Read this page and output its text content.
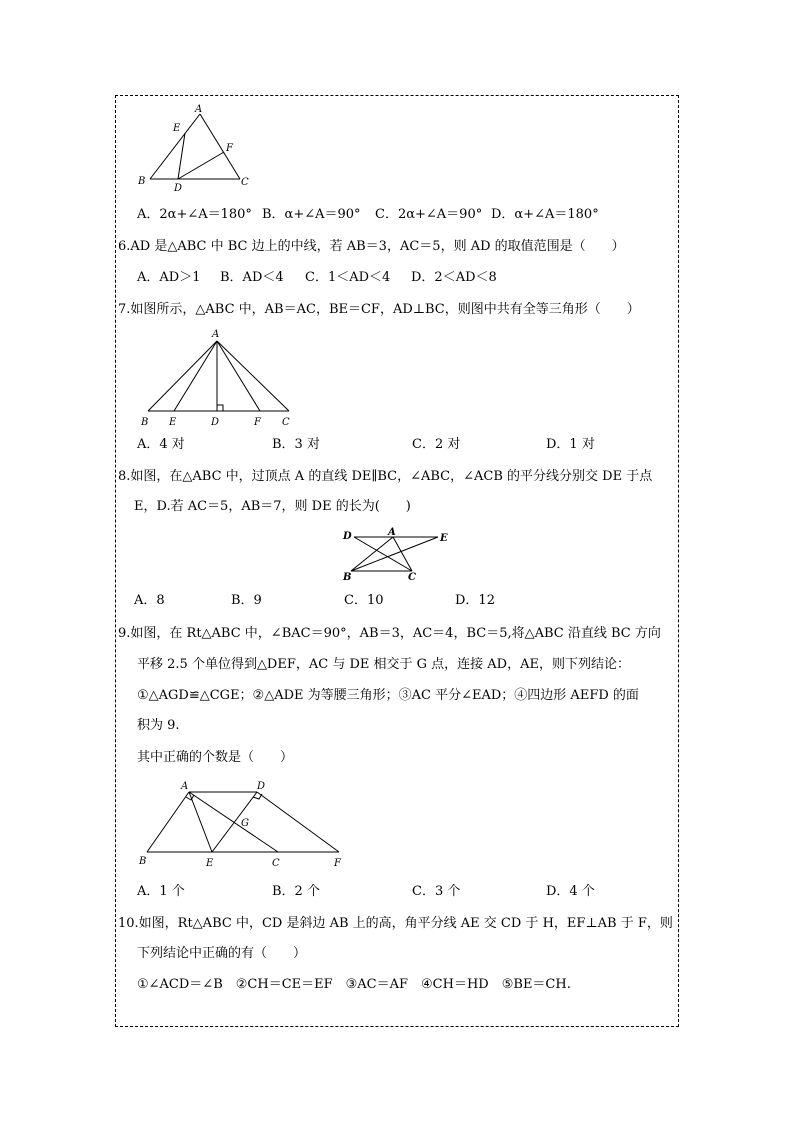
A
E
F
B
D
C
A．2α+∠A＝180° B．α+∠A＝90° C．2α+∠A＝90° D．α+∠A＝180°
6.AD 是△ABC 中 BC 边上的中线，若 AB＝3，AC＝5，则 AD 的取值范围是（　　）
A．AD＞1 B．AD＜4 C．1＜AD＜4 D．2＜AD＜8
7.如图所示，△ABC 中，AB＝AC，BE＝CF，AD⊥BC，则图中共有全等三角形（　　）
A
B E	D	F C
A．4 对	B．3 对	C．2 对	D．1 对
8.如图，在△ABC 中，过顶点 A 的直线 DE∥BC，∠ABC，∠ACB 的平分线分别交 DE 于点
E，D.若 AC＝5，AB＝7，则 DE 的长为(　　)
D	A
E
B	C
A．8	B．9	C．10	D．12
9.如图，在 Rt△ABC 中，∠BAC＝90°，AB＝3，AC＝4，BC＝5,将△ABC 沿直线 BC 方向
平移 2.5 个单位得到△DEF，AC 与 DE 相交于 G 点，连接 AD，AE，则下列结论：
①△AGD≌△CGE；②△ADE 为等腰三角形；③AC 平分∠EAD；④四边形 AEFD 的面
积为 9.
其中正确的个数是（　　）
A	D
G
B	E	C	F
A．1 个	B．2 个	C．3 个	D．4 个
10.如图，Rt△ABC 中，CD 是斜边 AB 上的高，角平分线 AE 交 CD 于 H，EF⊥AB 于 F，则
下列结论中正确的有（　　）
①∠ACD＝∠B　②CH＝CE＝EF　③AC＝AF　④CH＝HD　⑤BE＝CH.
